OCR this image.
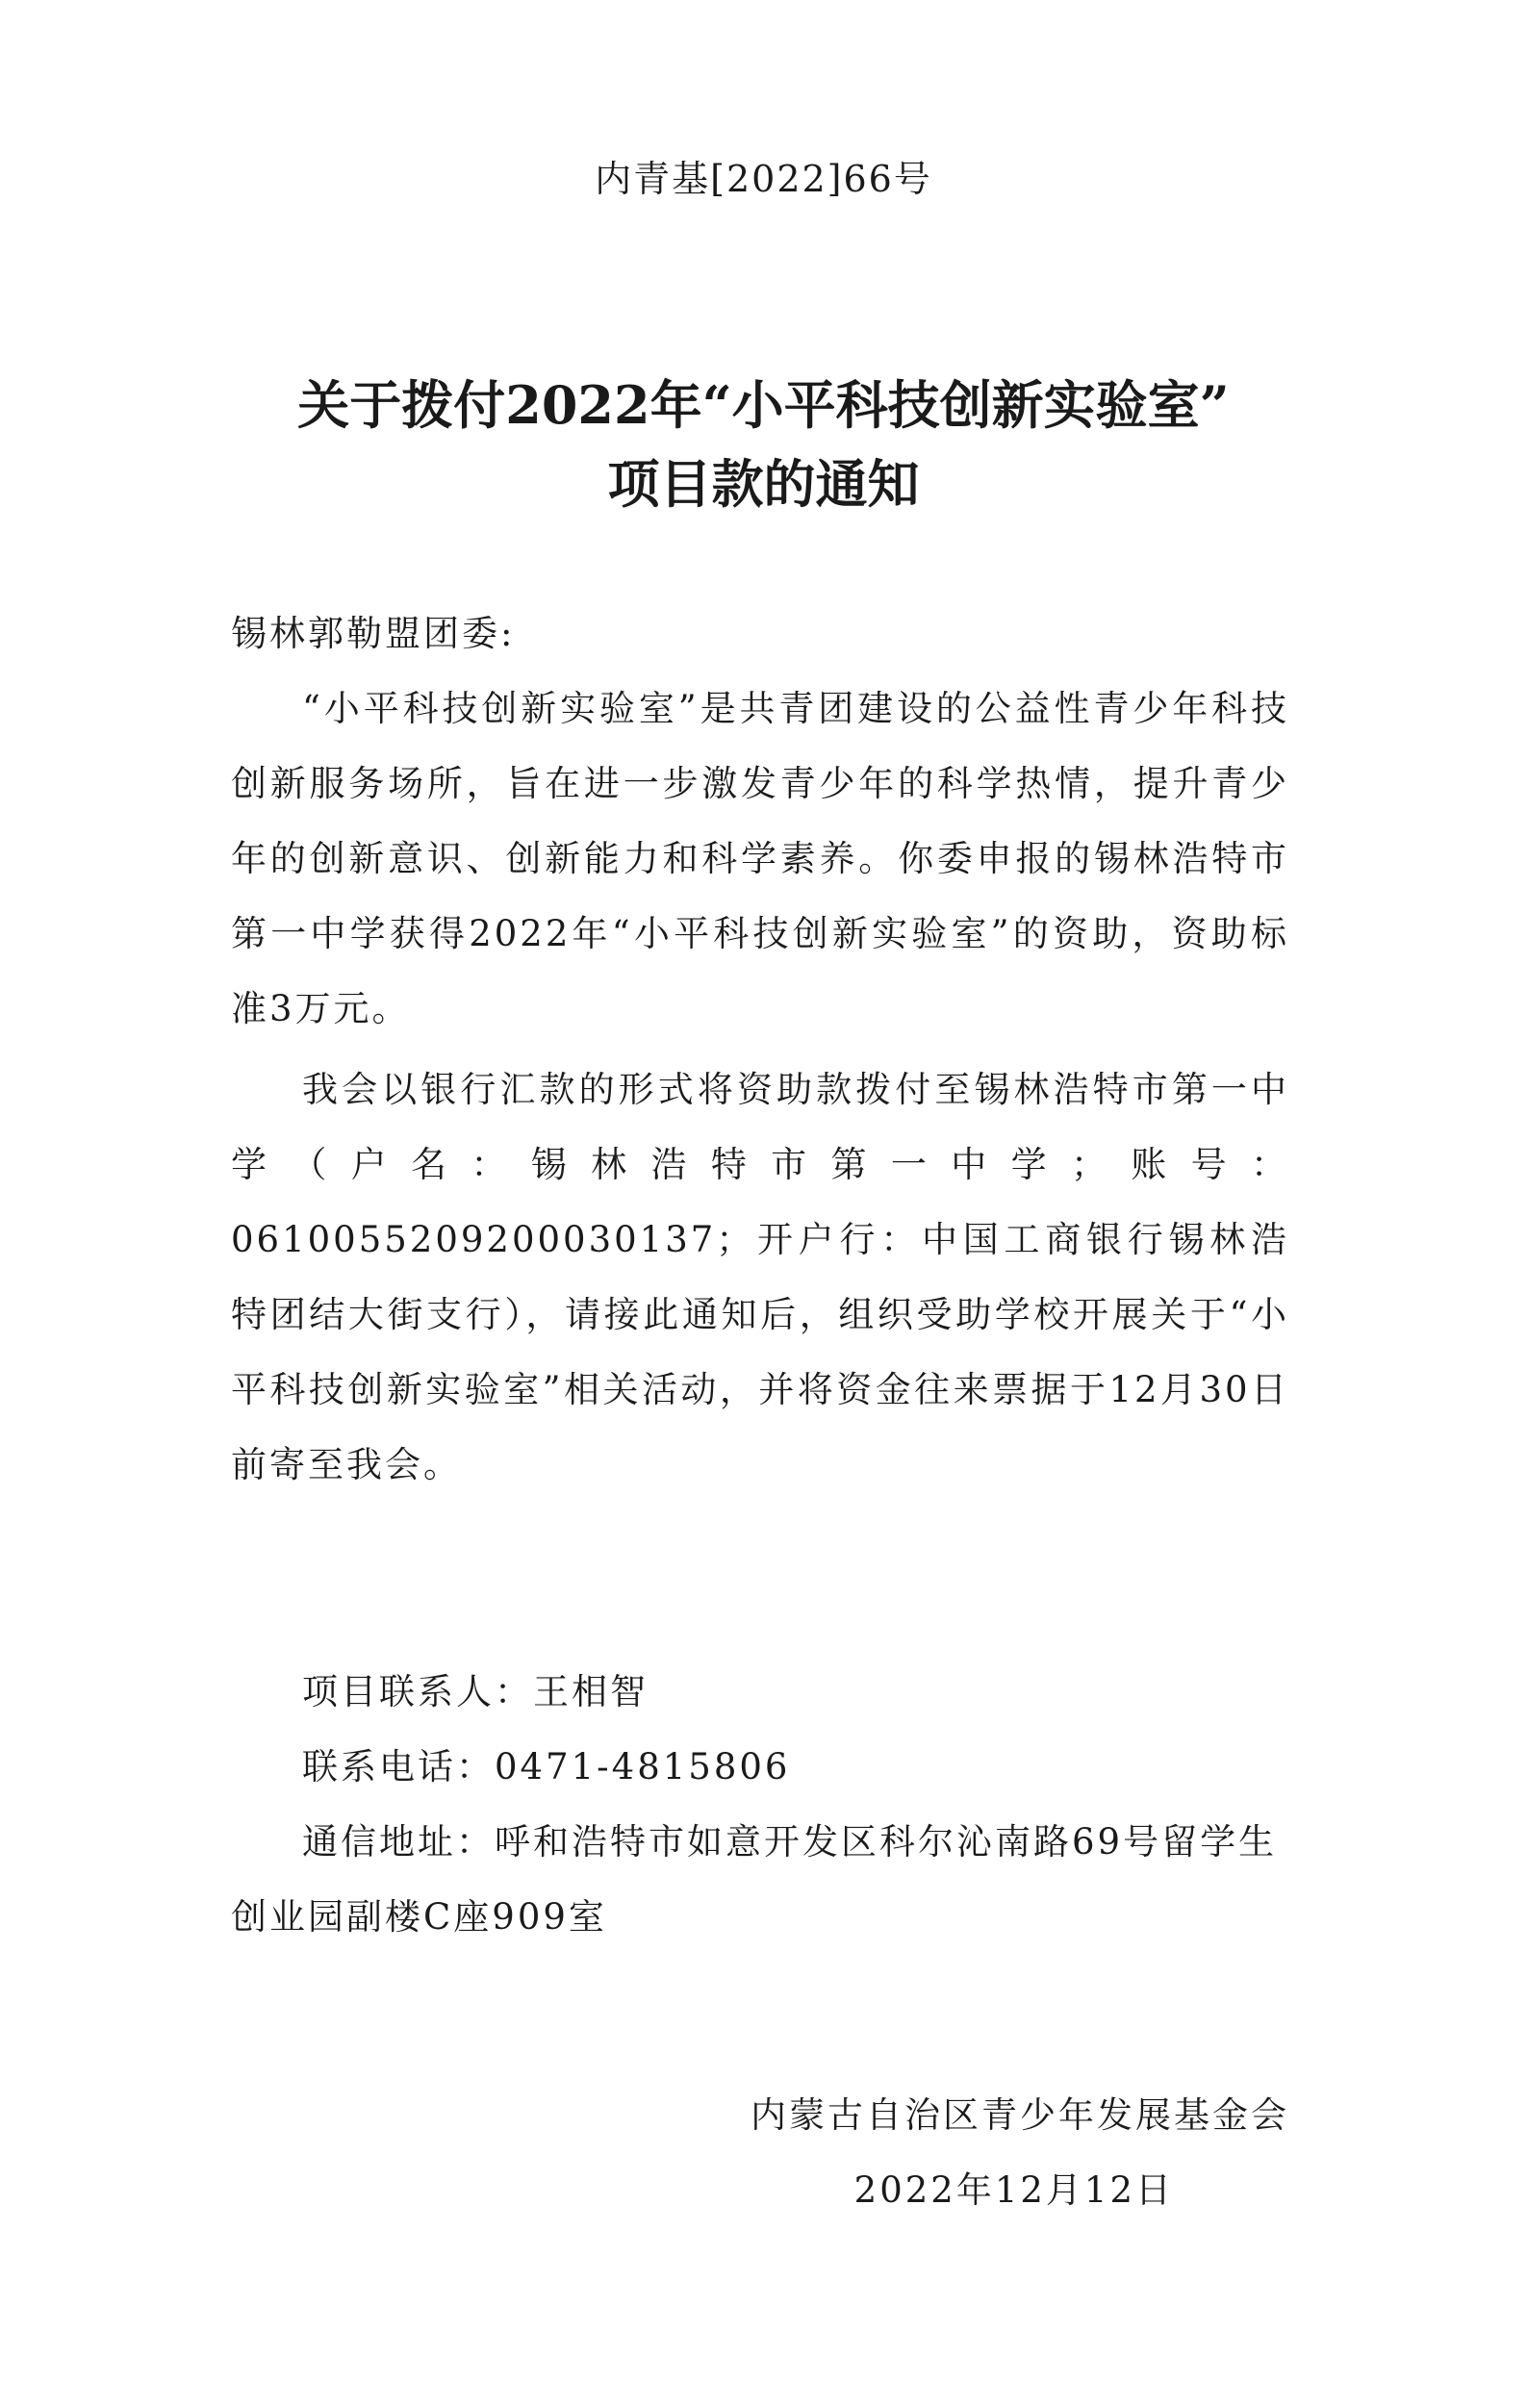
内青基[2022]66号
关于拨付2022年“小平科技创新实验室”
项目款的通知

锡林郭勒盟团委:

“小平科技创新实验室”是共青团建设的公益性青少年科技创新服务场所，旨在进一步激发青少年的科学热情，提升青少年的创新意识、创新能力和科学素养。你委申报的锡林浩特市第一中学获得2022年“小平科技创新实验室”的资助，资助标准3万元。

我会以银行汇款的形式将资助款拨付至锡林浩特市第一中学（户名：锡林浩特市第一中学；账号：0610055209200030137；开户行：中国工商银行锡林浩特团结大街支行），请接此通知后，组织受助学校开展关于“小平科技创新实验室”相关活动，并将资金往来票据于12月30日前寄至我会。

项目联系人：王相智

联系电话：0471-4815806

通信地址：呼和浩特市如意开发区科尔沁南路69号留学生创业园副楼C座909室

内蒙古自治区青少年发展基金会
2022年12月12日
